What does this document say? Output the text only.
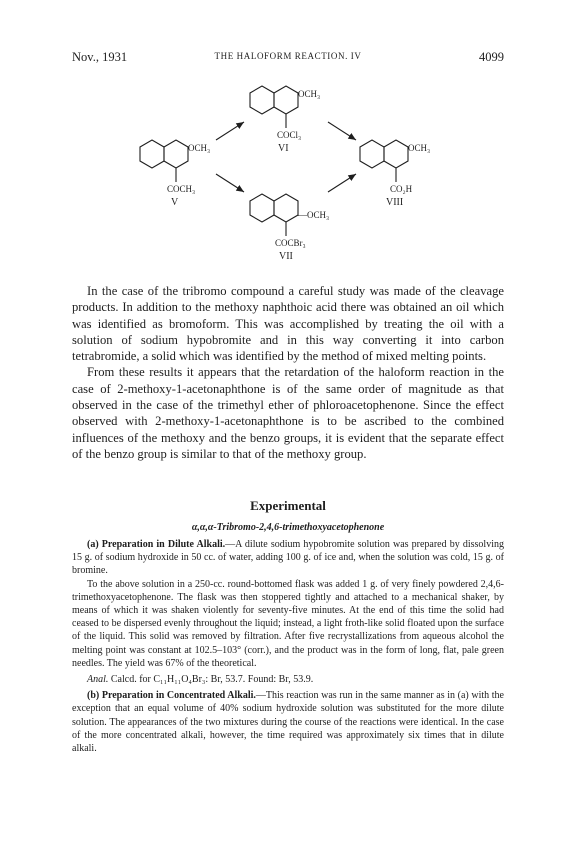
Nov., 1931	THE HALOFORM REACTION. IV	4099
OCH₃
COCH₃
V
OCH₃
COCl₃
VI
—OCH₃
COCBr₃
VII
OCH₃
CO₂H
VIII

In the case of the tribromo compound a careful study was made of the cleavage products. In addition to the methoxy naphthoic acid there was obtained an oil which was identified as bromoform. This was accomplished by treating the oil with a solution of sodium hypobromite and in this way converting it into carbon tetrabromide, a solid which was identified by the method of mixed melting points.

From these results it appears that the retardation of the haloform reaction in the case of 2-methoxy-1-acetonaphthone is of the same order of magnitude as that observed in the case of the trimethyl ether of phloroacetophenone. Since the effect observed with 2-methoxy-1-acetonaphthone is to be ascribed to the combined influences of the methoxy and the benzo groups, it is evident that the separate effect of the benzo group is similar to that of the methoxy group.

Experimental
α,α,α-Tribromo-2,4,6-trimethoxyacetophenone

(a) Preparation in Dilute Alkali.—A dilute sodium hypobromite solution was prepared by dissolving 15 g. of sodium hydroxide in 50 cc. of water, adding 100 g. of ice and, when the solution was cold, 15 g. of bromine.

To the above solution in a 250-cc. round-bottomed flask was added 1 g. of very finely powdered 2,4,6-trimethoxyacetophenone. The flask was then stoppered tightly and attached to a mechanical shaker, by means of which it was shaken violently for seventy-five minutes. At the end of this time the solid had ceased to be dispersed evenly throughout the liquid; instead, a light froth-like solid floated upon the surface of the liquid. This solid was removed by filtration. After five recrystallizations from aqueous alcohol the melting point was constant at 102.5–103° (corr.), and the product was in the form of long, flat, pale green needles. The yield was 67% of the theoretical.

Anal. Calcd. for C₁₁H₁₁O₄Br₃: Br, 53.7. Found: Br, 53.9.

(b) Preparation in Concentrated Alkali.—This reaction was run in the same manner as in (a) with the exception that an equal volume of 40% sodium hydroxide solution was substituted for the more dilute solution. The appearances of the two mixtures during the course of the reactions were identical. In the case of the more concentrated alkali, however, the time required was approximately six times that in dilute alkali.
